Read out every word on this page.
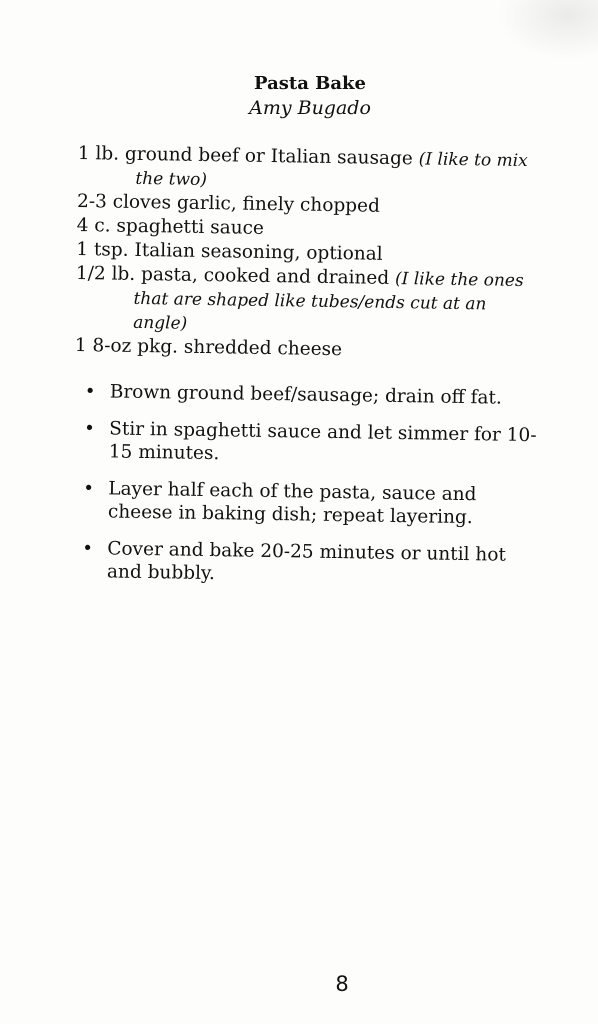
Pasta Bake
Amy Bugado
1 lb. ground beef or Italian sausage (I like to mix the two)
2-3 cloves garlic, finely chopped
4 c. spaghetti sauce
1 tsp. Italian seasoning, optional
1/2 lb. pasta, cooked and drained (I like the ones that are shaped like tubes/ends cut at an angle)
1 8-oz pkg. shredded cheese
• Brown ground beef/sausage; drain off fat.
• Stir in spaghetti sauce and let simmer for 10-15 minutes.
• Layer half each of the pasta, sauce and cheese in baking dish; repeat layering.
• Cover and bake 20-25 minutes or until hot and bubbly.
8
